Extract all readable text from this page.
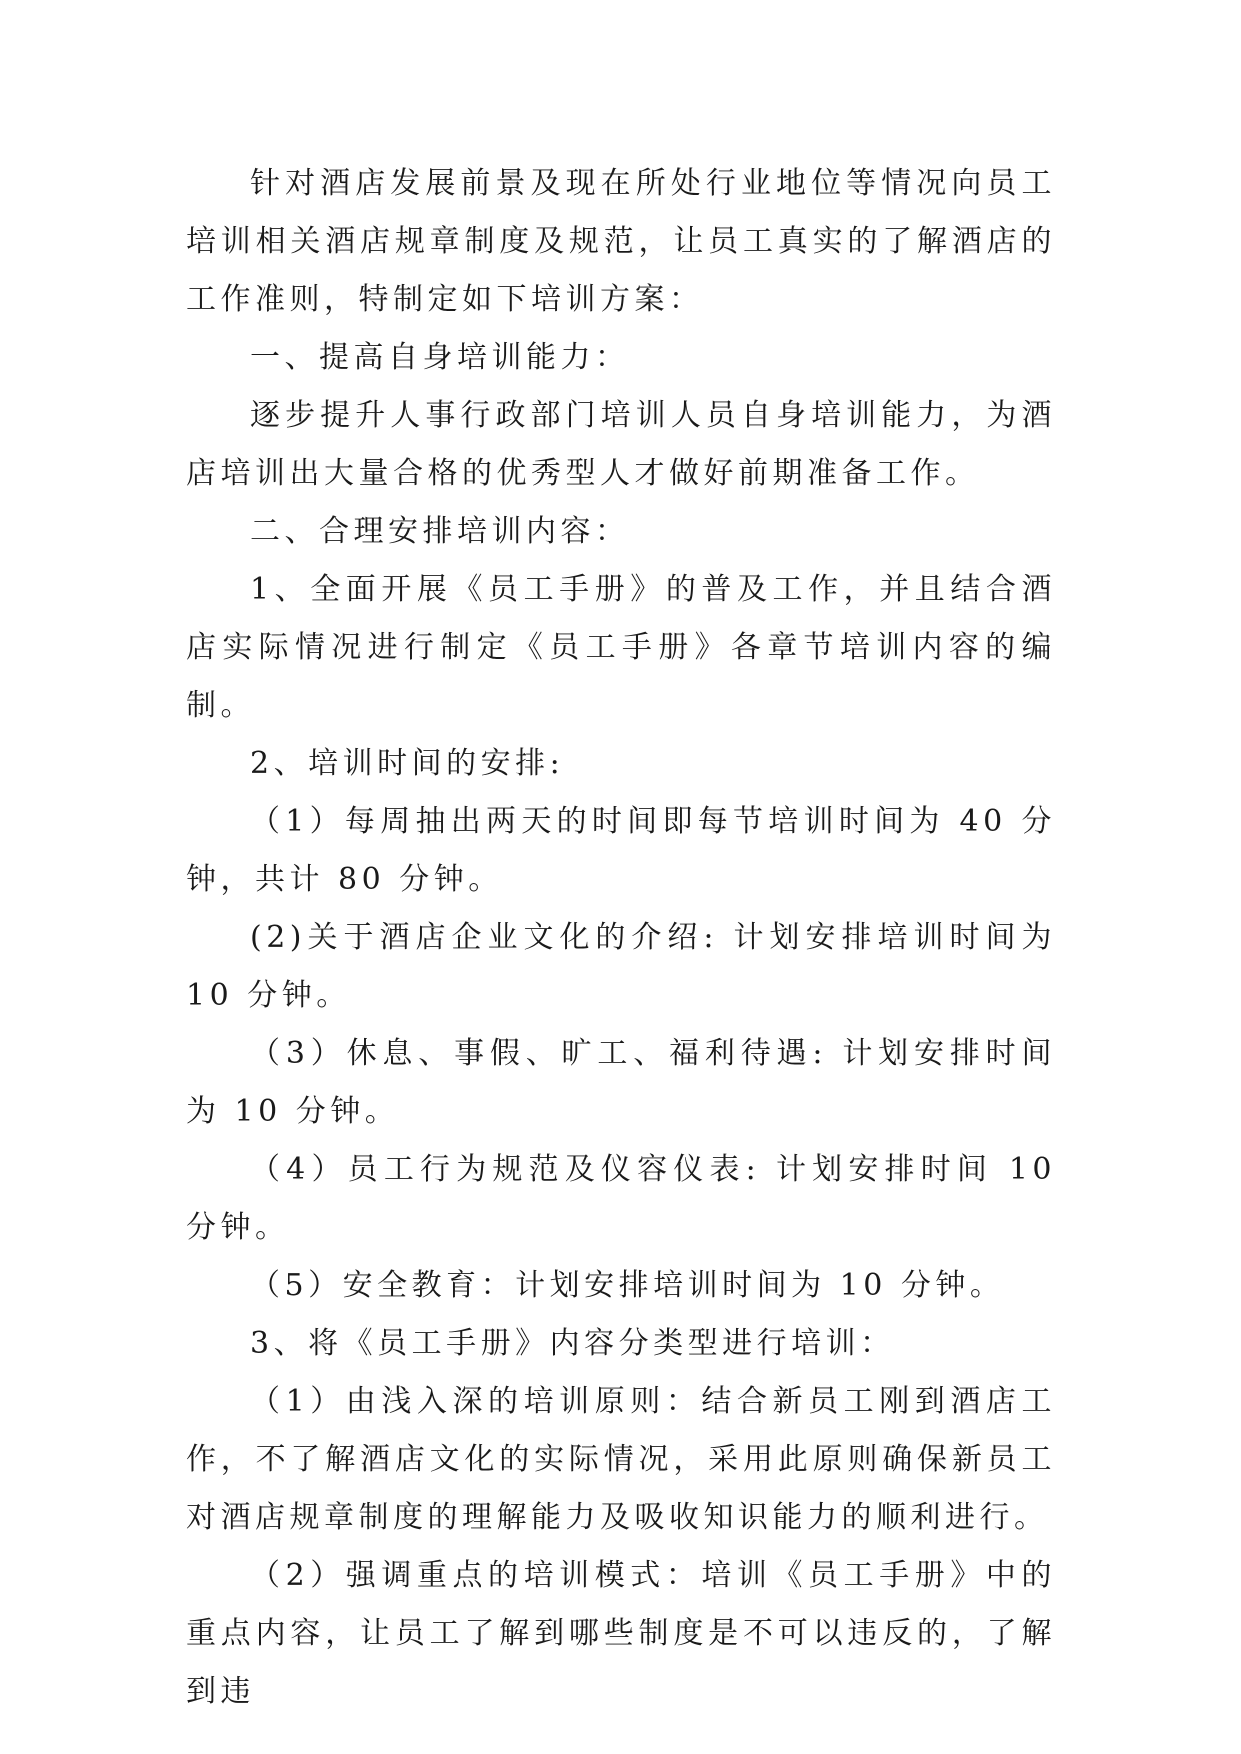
针对酒店发展前景及现在所处行业地位等情况向员工培训相关酒店规章制度及规范，让员工真实的了解酒店的工作准则，特制定如下培训方案：

一、提高自身培训能力：

逐步提升人事行政部门培训人员自身培训能力，为酒店培训出大量合格的优秀型人才做好前期准备工作。

二、合理安排培训内容：

1、全面开展《员工手册》的普及工作，并且结合酒店实际情况进行制定《员工手册》各章节培训内容的编制。

2、培训时间的安排:

（1）每周抽出两天的时间即每节培训时间为 40 分钟，共计 80 分钟。

(2)关于酒店企业文化的介绍: 计划安排培训时间为 10 分钟。

（3）休息、事假、旷工、福利待遇: 计划安排时间为 10 分钟。

（4）员工行为规范及仪容仪表: 计划安排时间 10 分钟。

（5）安全教育：计划安排培训时间为 10 分钟。

3、将《员工手册》内容分类型进行培训：

（1）由浅入深的培训原则：结合新员工刚到酒店工作，不了解酒店文化的实际情况，采用此原则确保新员工对酒店规章制度的理解能力及吸收知识能力的顺利进行。

（2）强调重点的培训模式：培训《员工手册》中的重点内容，让员工了解到哪些制度是不可以违反的，了解到违
